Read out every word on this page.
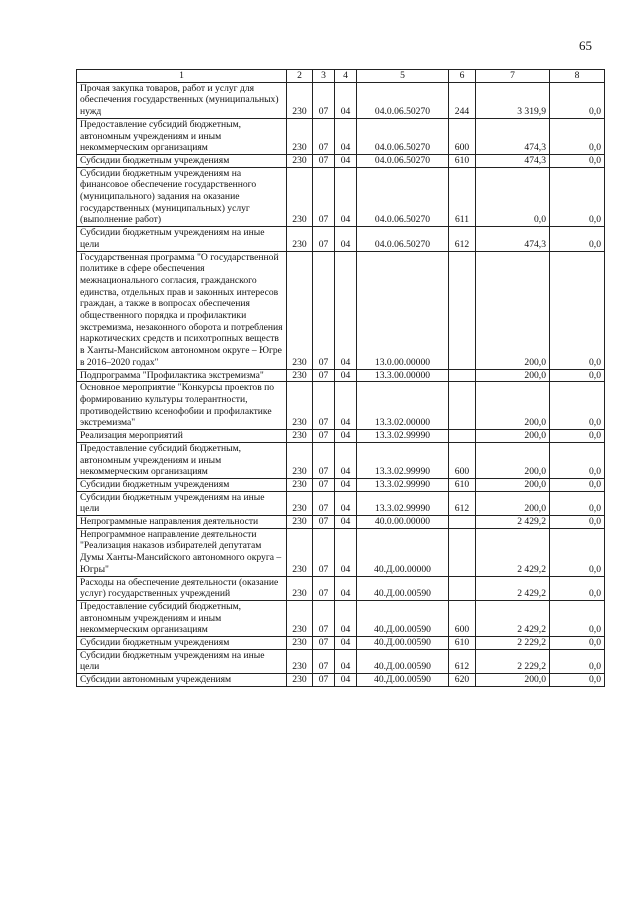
65
1	2	3	4	5	6	7	8
Прочая закупка товаров, работ и услуг для обеспечения государственных (муниципальных) нужд	230	07	04	04.0.06.50270	244	3 319,9	0,0
Предоставление субсидий бюджетным, автономным учреждениям и иным некоммерческим организациям	230	07	04	04.0.06.50270	600	474,3	0,0
Субсидии бюджетным учреждениям	230	07	04	04.0.06.50270	610	474,3	0,0
Субсидии бюджетным учреждениям на финансовое обеспечение государственного (муниципального) задания на оказание государственных (муниципальных) услуг (выполнение работ)	230	07	04	04.0.06.50270	611	0,0	0,0
Субсидии бюджетным учреждениям на иные цели	230	07	04	04.0.06.50270	612	474,3	0,0
Государственная программа "О государственной политике в сфере обеспечения межнационального согласия, гражданского единства, отдельных прав и законных интересов граждан, а также в вопросах обеспечения общественного порядка и профилактики экстремизма, незаконного оборота и потребления наркотических средств и психотропных веществ в Ханты-Мансийском автономном округе – Югре в 2016–2020 годах"	230	07	04	13.0.00.00000		200,0	0,0
Подпрограмма "Профилактика экстремизма"	230	07	04	13.3.00.00000		200,0	0,0
Основное мероприятие "Конкурсы проектов по формированию культуры толерантности, противодействию ксенофобии и профилактике экстремизма"	230	07	04	13.3.02.00000		200,0	0,0
Реализация мероприятий	230	07	04	13.3.02.99990		200,0	0,0
Предоставление субсидий бюджетным, автономным учреждениям и иным некоммерческим организациям	230	07	04	13.3.02.99990	600	200,0	0,0
Субсидии бюджетным учреждениям	230	07	04	13.3.02.99990	610	200,0	0,0
Субсидии бюджетным учреждениям на иные цели	230	07	04	13.3.02.99990	612	200,0	0,0
Непрограммные направления деятельности	230	07	04	40.0.00.00000		2 429,2	0,0
Непрограммное направление деятельности "Реализация наказов избирателей депутатам Думы Ханты-Мансийского автономного округа – Югры"	230	07	04	40.Д.00.00000		2 429,2	0,0
Расходы на обеспечение деятельности (оказание услуг) государственных учреждений	230	07	04	40.Д.00.00590		2 429,2	0,0
Предоставление субсидий бюджетным, автономным учреждениям и иным некоммерческим организациям	230	07	04	40.Д.00.00590	600	2 429,2	0,0
Субсидии бюджетным учреждениям	230	07	04	40.Д.00.00590	610	2 229,2	0,0
Субсидии бюджетным учреждениям на иные цели	230	07	04	40.Д.00.00590	612	2 229,2	0,0
Субсидии автономным учреждениям	230	07	04	40.Д.00.00590	620	200,0	0,0
